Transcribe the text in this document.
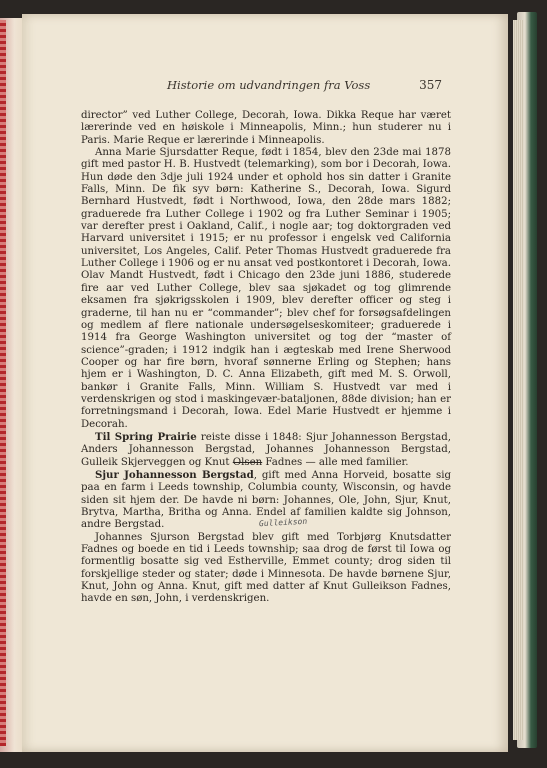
Historie om udvandringen fra Voss	357

director” ved Luther College, Decorah, Iowa. Dikka Reque har været lærerinde ved en høiskole i Minneapolis, Minn.; hun studerer nu i Paris. Marie Reque er lærerinde i Minneapolis.

Anna Marie Sjursdatter Reque, født i 1854, blev den 23de mai 1878 gift med pastor H. B. Hustvedt (telemarking), som bor i Decorah, Iowa. Hun døde den 3dje juli 1924 under et ophold hos sin datter i Granite Falls, Minn. De fik syv børn: Katherine S., Decorah, Iowa. Sigurd Bernhard Hustvedt, født i Northwood, Iowa, den 28de mars 1882; graduerede fra Luther College i 1902 og fra Luther Seminar i 1905; var derefter prest i Oakland, Calif., i nogle aar; tog doktorgraden ved Harvard universitet i 1915; er nu professor i engelsk ved California universitet, Los Angeles, Calif. Peter Thomas Hustvedt graduerede fra Luther College i 1906 og er nu ansat ved postkontoret i Decorah, Iowa. Olav Mandt Hustvedt, født i Chicago den 23de juni 1886, studerede fire aar ved Luther College, blev saa sjøkadet og tog glimrende eksamen fra sjøkrigsskolen i 1909, blev derefter officer og steg i graderne, til han nu er “commander”; blev chef for forsøgsafdelingen og medlem af flere nationale undersøgelseskomiteer; graduerede i 1914 fra George Washington universitet og tog der “master of science”-graden; i 1912 indgik han i ægteskab med Irene Sherwood Cooper og har fire børn, hvoraf sønnerne Erling og Stephen; hans hjem er i Washington, D. C. Anna Elizabeth, gift med M. S. Orwoll, bankør i Granite Falls, Minn. William S. Hustvedt var med i verdenskrigen og stod i maskingevær-bataljonen, 88de division; han er forretningsmand i Decorah, Iowa. Edel Marie Hustvedt er hjemme i Decorah.

Til Spring Prairie reiste disse i 1848: Sjur Johannesson Bergstad, Anders Johannesson Bergstad, Johannes Johannesson Bergstad, Gulleik Skjerveggen og Knut Olsen Fadnes — alle med familier.

Sjur Johannesson Bergstad, gift med Anna Horveid, bosatte sig paa en farm i Leeds township, Columbia county, Wisconsin, og havde siden sit hjem der. De havde ni børn: Johannes, Ole, John, Sjur, Knut, Brytva, Martha, Britha og Anna. Endel af familien kaldte sig Johnson, andre Bergstad.

Johannes Sjurson Bergstad blev gift med Torbjørg Knutsdatter Fadnes og boede en tid i Leeds township; saa drog de først til Iowa og formentlig bosatte sig ved Estherville, Emmet county; drog siden til forskjellige steder og stater; døde i Minnesota. De havde børnene Sjur, Knut, John og Anna. Knut, gift med datter af Knut Gulleikson Fadnes, havde en søn, John, i verdenskrigen.

Gulleikson
